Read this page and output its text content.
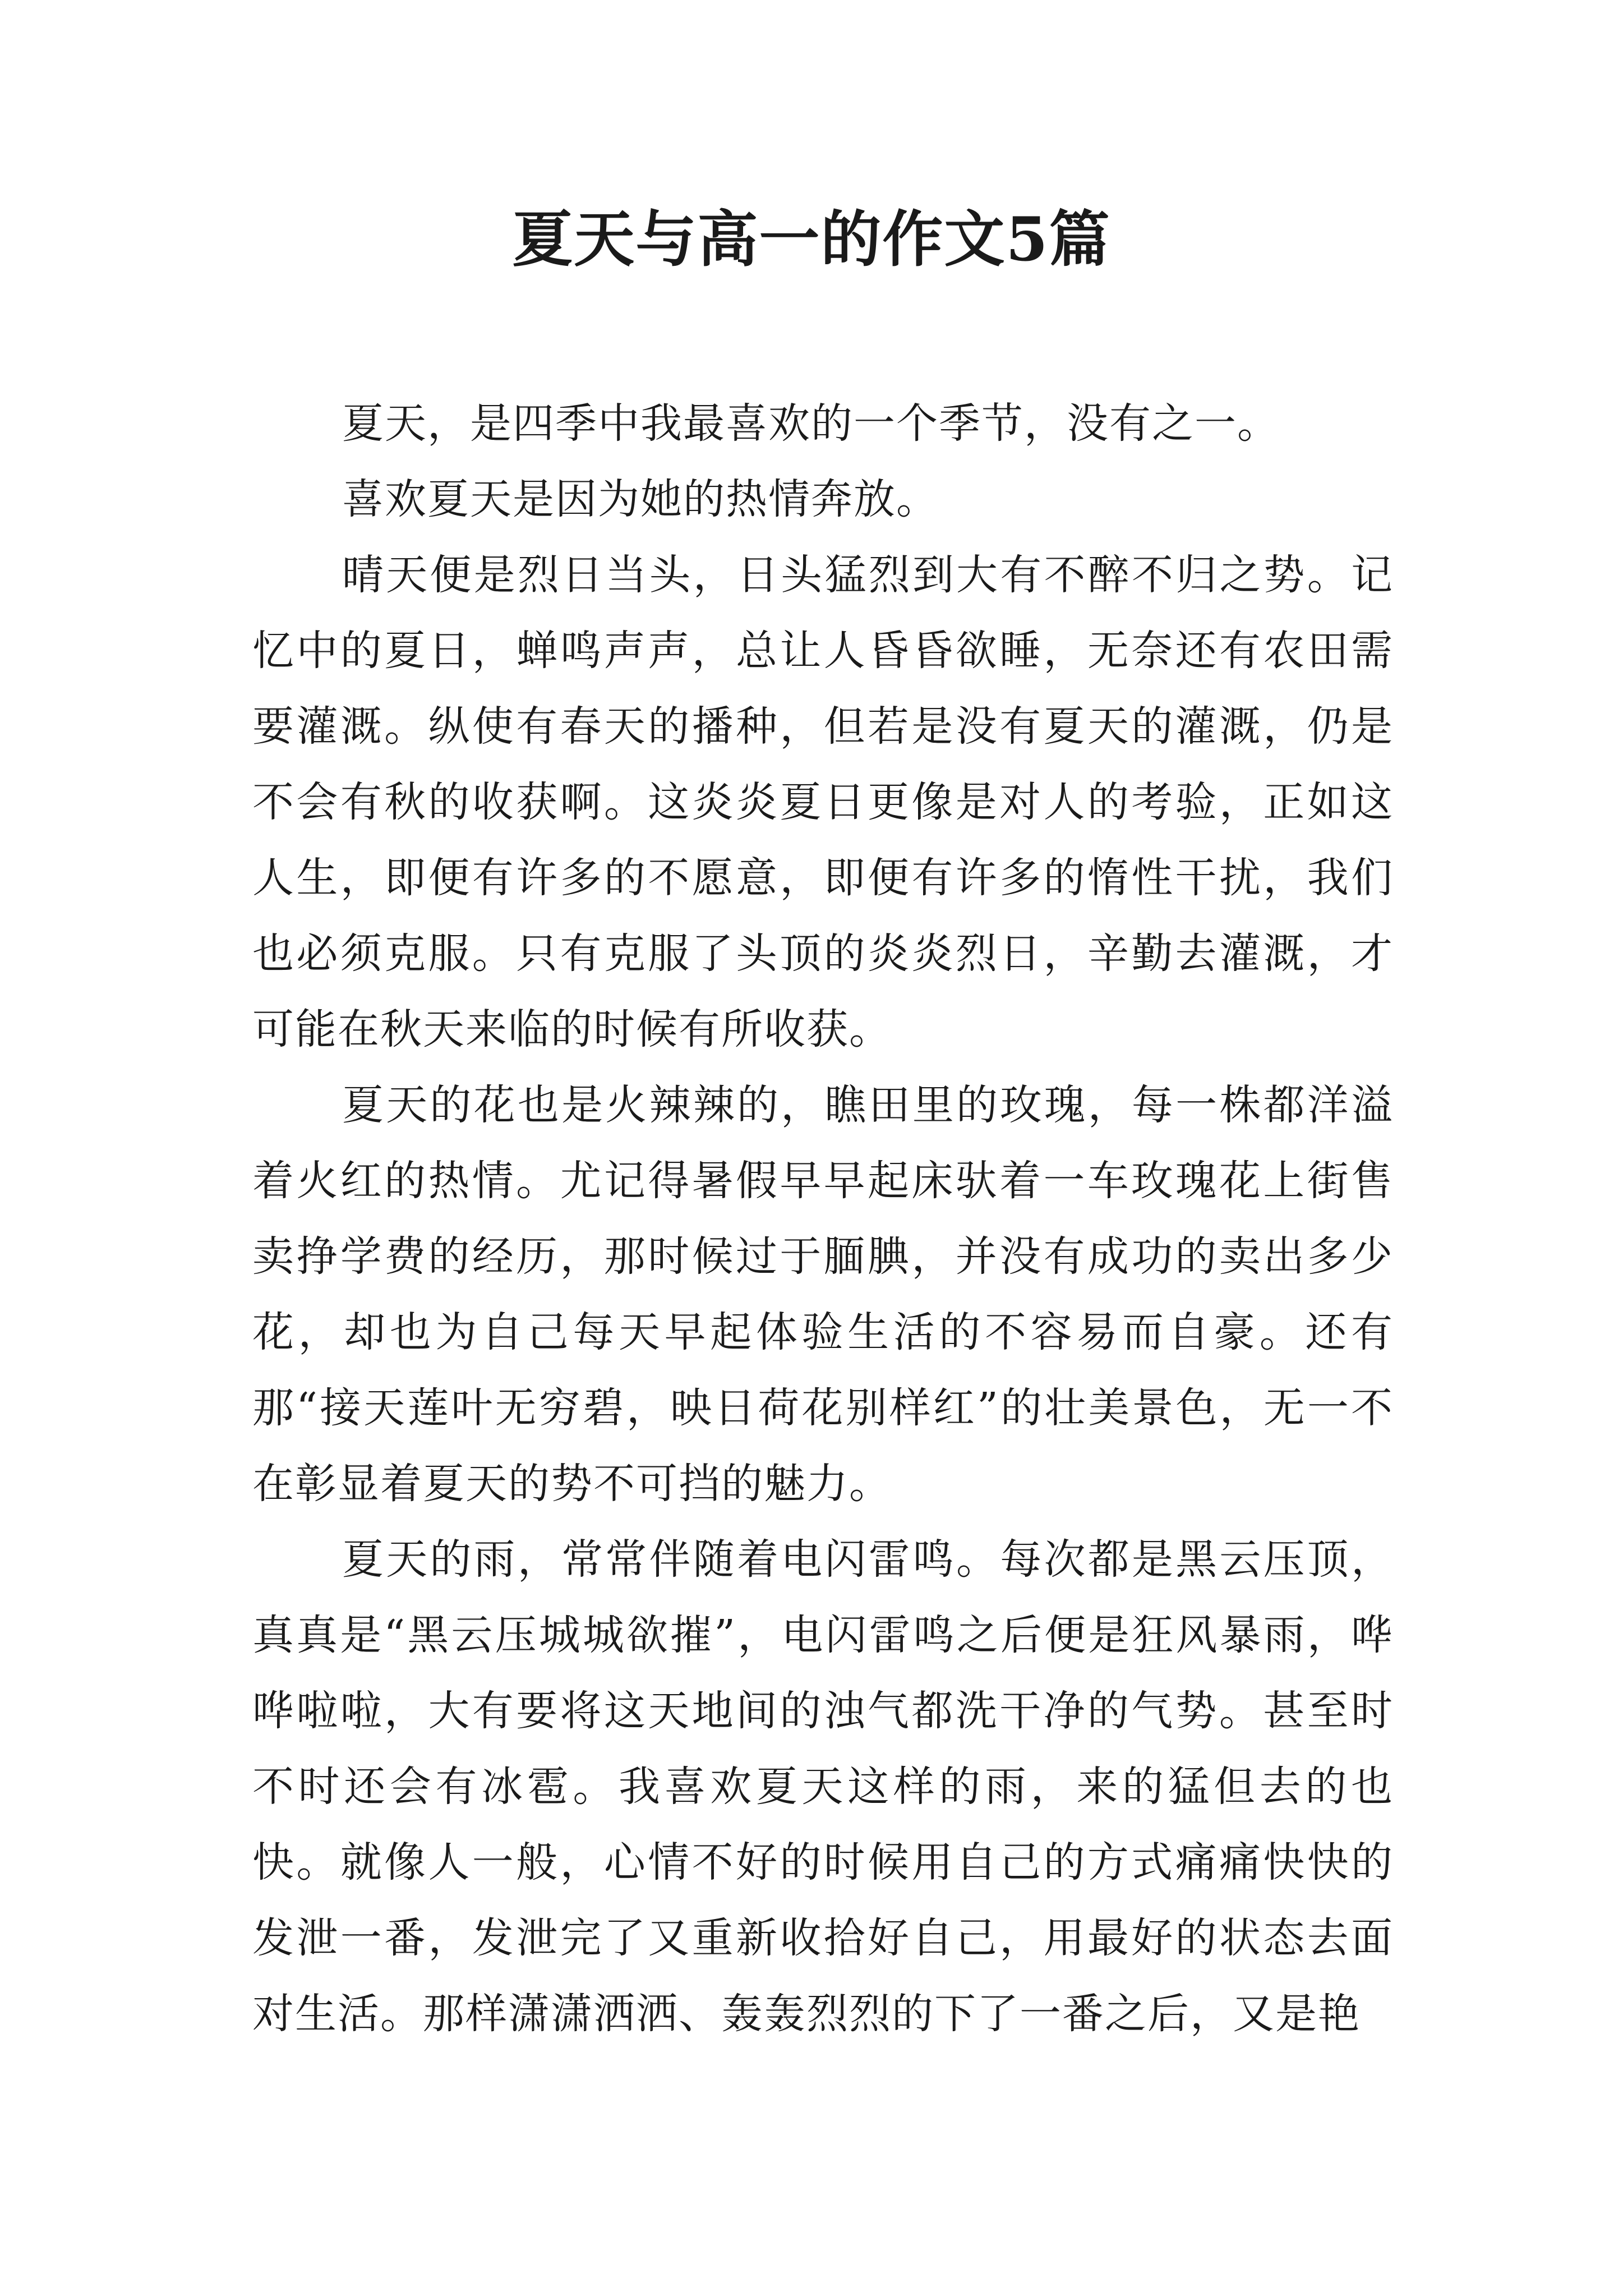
夏天与高一的作文5篇

夏天，是四季中我最喜欢的一个季节，没有之一。

喜欢夏天是因为她的热情奔放。

晴天便是烈日当头，日头猛烈到大有不醉不归之势。记忆中的夏日，蝉鸣声声，总让人昏昏欲睡，无奈还有农田需要灌溉。纵使有春天的播种，但若是没有夏天的灌溉，仍是不会有秋的收获啊。这炎炎夏日更像是对人的考验，正如这人生，即便有许多的不愿意，即便有许多的惰性干扰，我们也必须克服。只有克服了头顶的炎炎烈日，辛勤去灌溉，才可能在秋天来临的时候有所收获。

夏天的花也是火辣辣的，瞧田里的玫瑰，每一株都洋溢着火红的热情。尤记得暑假早早起床驮着一车玫瑰花上街售卖挣学费的经历，那时候过于腼腆，并没有成功的卖出多少花，却也为自己每天早起体验生活的不容易而自豪。还有那“接天莲叶无穷碧，映日荷花别样红”的壮美景色，无一不在彰显着夏天的势不可挡的魅力。

夏天的雨，常常伴随着电闪雷鸣。每次都是黑云压顶，真真是“黑云压城城欲摧”，电闪雷鸣之后便是狂风暴雨，哗哗啦啦，大有要将这天地间的浊气都洗干净的气势。甚至时不时还会有冰雹。我喜欢夏天这样的雨，来的猛但去的也快。就像人一般，心情不好的时候用自己的方式痛痛快快的发泄一番，发泄完了又重新收拾好自己，用最好的状态去面对生活。那样潇潇洒洒、轰轰烈烈的下了一番之后，又是艳
